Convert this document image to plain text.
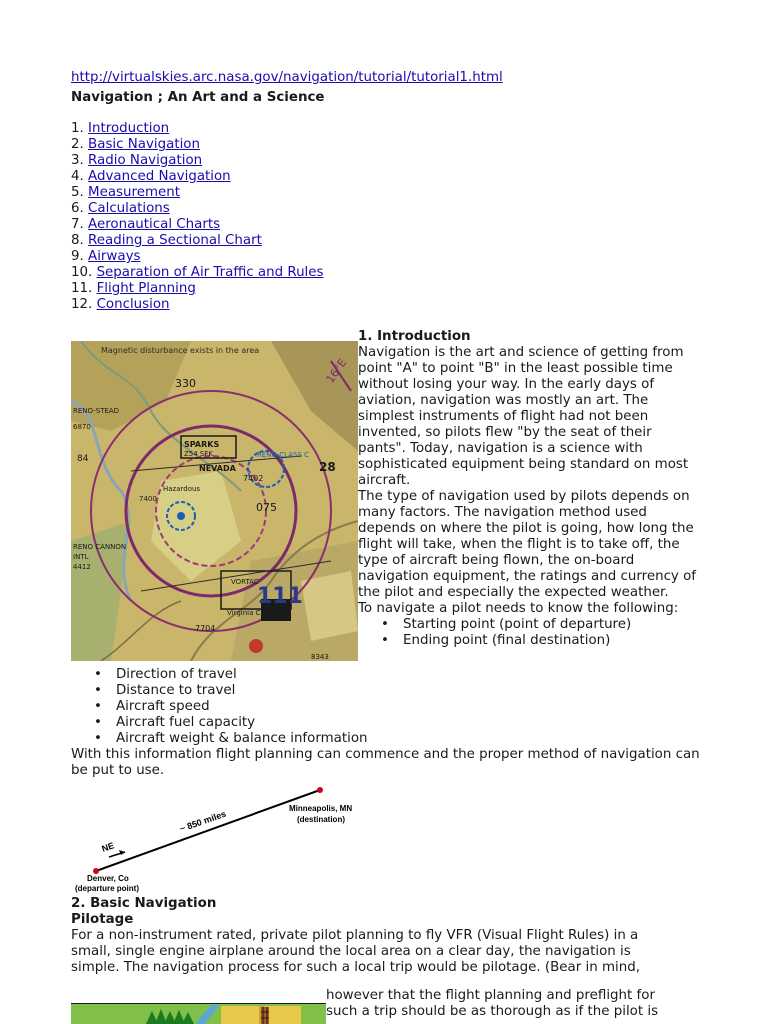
http://virtualskies.arc.nasa.gov/navigation/tutorial/tutorial1.html
Navigation ; An Art and a Science
1. Introduction
2. Basic Navigation
3. Radio Navigation
4. Advanced Navigation
5. Measurement
6. Calculations
7. Aeronautical Charts
8. Reading a Sectional Chart
9. Airways
10. Separation of Air Traffic and Rules
11. Flight Planning
12. Conclusion
Magnetic disturbance exists in the area
330
SPARKS
Z54 SFK
RENO-STEAD
6870
RENO CLASS C
7402
84
NEVADA
Hazardous
7400
075
VORTAC
RENO CANNON
INTL
4412
111
7704
Virginia City
8343
28
16°E
1. Introduction

Navigation is the art and science of getting from point "A" to point "B" in the least possible time without losing your way. In the early days of aviation, navigation was mostly an art. The simplest instruments of flight had not been invented, so pilots flew "by the seat of their pants". Today, navigation is a science with sophisticated equipment being standard on most aircraft.

The type of navigation used by pilots depends on many factors. The navigation method used depends on where the pilot is going, how long the flight will take, when the flight is to take off, the type of aircraft being flown, the on-board navigation equipment, the ratings and currency of the pilot and especially the expected weather.

To navigate a pilot needs to know the following:

• Starting point (point of departure)
• Ending point (final destination)
• Direction of travel
• Distance to travel
• Aircraft speed
• Aircraft fuel capacity
• Aircraft weight & balance information
With this information flight planning can commence and the proper method of navigation can be put to use.
NE
~ 850 miles
Minneapolis, MN
(destination)
Denver, Co
(departure point)
2. Basic Navigation
Pilotage
For a non-instrument rated, private pilot planning to fly VFR (Visual Flight Rules) in a
small, single engine airplane around the local area on a clear day, the navigation is
simple. The navigation process for such a local trip would be pilotage. (Bear in mind,
however that the flight planning and preflight for
such a trip should be as thorough as if the pilot is
